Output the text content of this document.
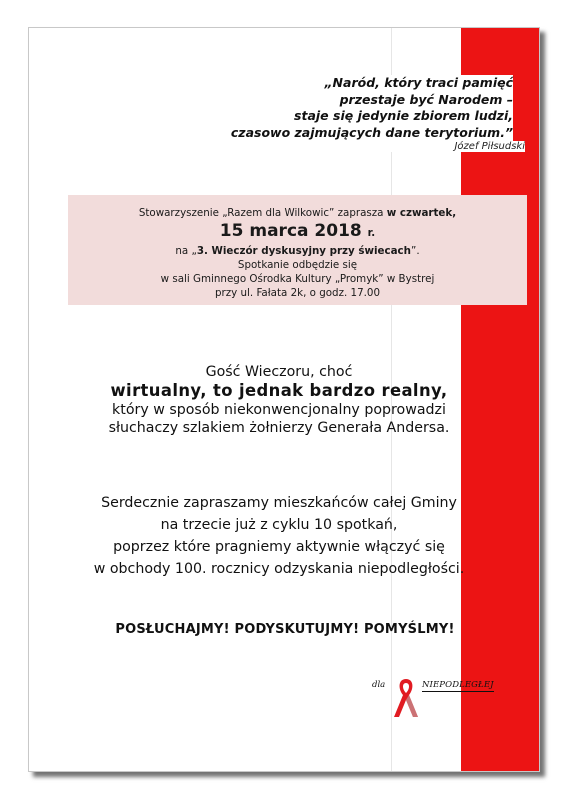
„Naród, który traci pamięć
przestaje być Narodem –
staje się jedynie zbiorem ludzi,
czasowo zajmujących dane terytorium.”
Józef Piłsudski
Stowarzyszenie „Razem dla Wilkowic” zaprasza w czwartek,
15 marca 2018 r.
na „3. Wieczór dyskusyjny przy świecach”.
Spotkanie odbędzie się
w sali Gminnego Ośrodka Kultury „Promyk” w Bystrej
przy ul. Fałata 2k, o godz. 17.00
Gość Wieczoru, choć
wirtualny, to jednak bardzo realny,
który w sposób niekonwencjonalny poprowadzi
słuchaczy szlakiem żołnierzy Generała Andersa.
Serdecznie zapraszamy mieszkańców całej Gminy
na trzecie już z cyklu 10 spotkań,
poprzez które pragniemy aktywnie włączyć się
w obchody 100. rocznicy odzyskania niepodległości.
POSŁUCHAJMY! PODYSKUTUJMY! POMYŚLMY!
dla	NIEPODLEGŁEJ
